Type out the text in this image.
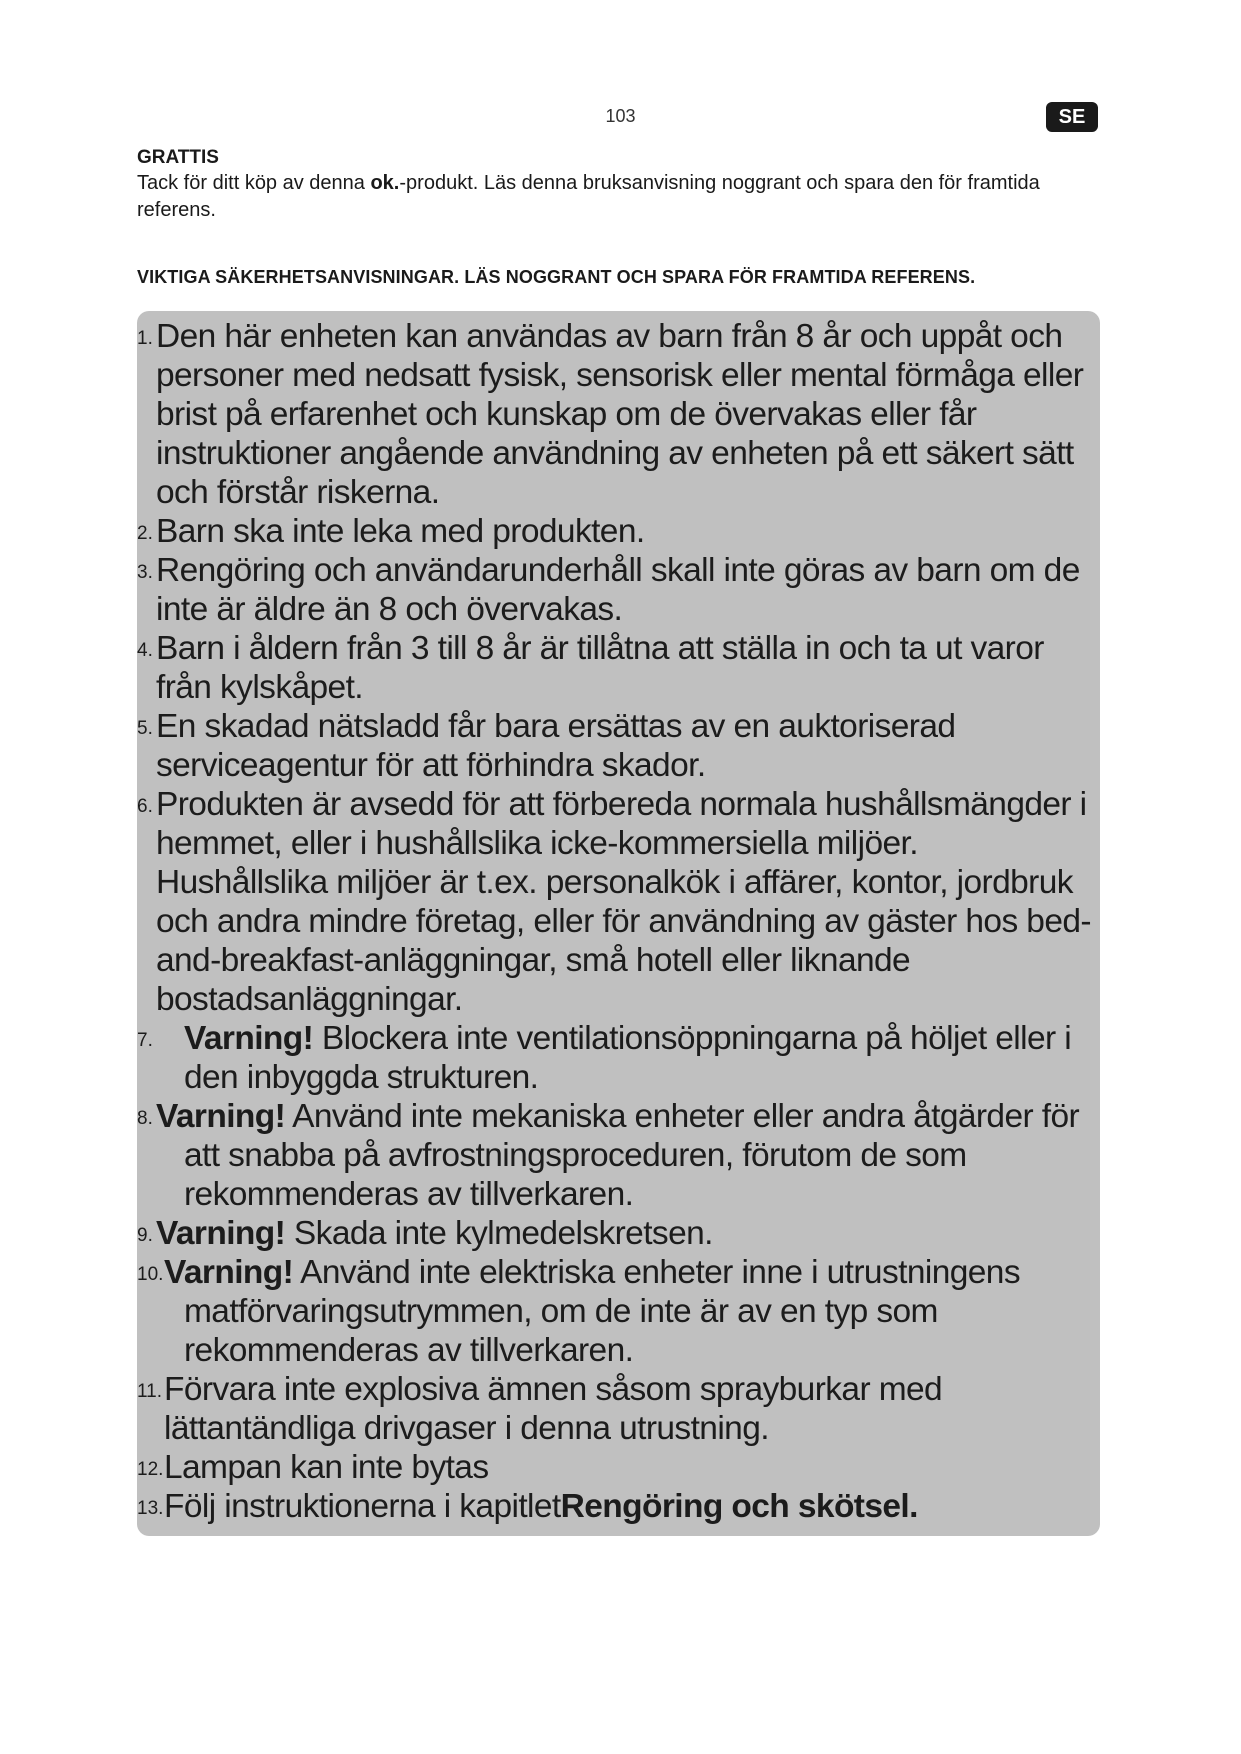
103	SE

GRATTIS

Tack för ditt köp av denna ok.-produkt. Läs denna bruksanvisning noggrant och spara den för framtida referens.

VIKTIGA SÄKERHETSANVISNINGAR. LÄS NOGGRANT OCH SPARA FÖR FRAMTIDA REFERENS.

1. Den här enheten kan användas av barn från 8 år och uppåt och personer med nedsatt fysisk, sensorisk eller mental förmåga eller brist på erfarenhet och kunskap om de övervakas eller får instruktioner angående användning av enheten på ett säkert sätt och förstår riskerna.
2. Barn ska inte leka med produkten.
3. Rengöring och användarunderhåll skall inte göras av barn om de inte är äldre än 8 och övervakas.
4. Barn i åldern från 3 till 8 år är tillåtna att ställa in och ta ut varor från kylskåpet.
5. En skadad nätsladd får bara ersättas av en auktoriserad serviceagentur för att förhindra skador.
6. Produkten är avsedd för att förbereda normala hushållsmängder i hemmet, eller i hushållslika icke-kommersiella miljöer. Hushållslika miljöer är t.ex. personalkök i affärer, kontor, jordbruk och andra mindre företag, eller för användning av gäster hos bed-and-breakfast-anläggningar, små hotell eller liknande bostadsanläggningar.
7. Varning! Blockera inte ventilationsöppningarna på höljet eller i den inbyggda strukturen.
8. Varning! Använd inte mekaniska enheter eller andra åtgärder för att snabba på avfrostningsproceduren, förutom de som rekommenderas av tillverkaren.
9. Varning! Skada inte kylmedelskretsen.
10. Varning! Använd inte elektriska enheter inne i utrustningens matförvaringsutrymmen, om de inte är av en typ som rekommenderas av tillverkaren.
11. Förvara inte explosiva ämnen såsom sprayburkar med lättantändliga drivgaser i denna utrustning.
12. Lampan kan inte bytas
13. Följ instruktionerna i kapitletRengöring och skötsel.
